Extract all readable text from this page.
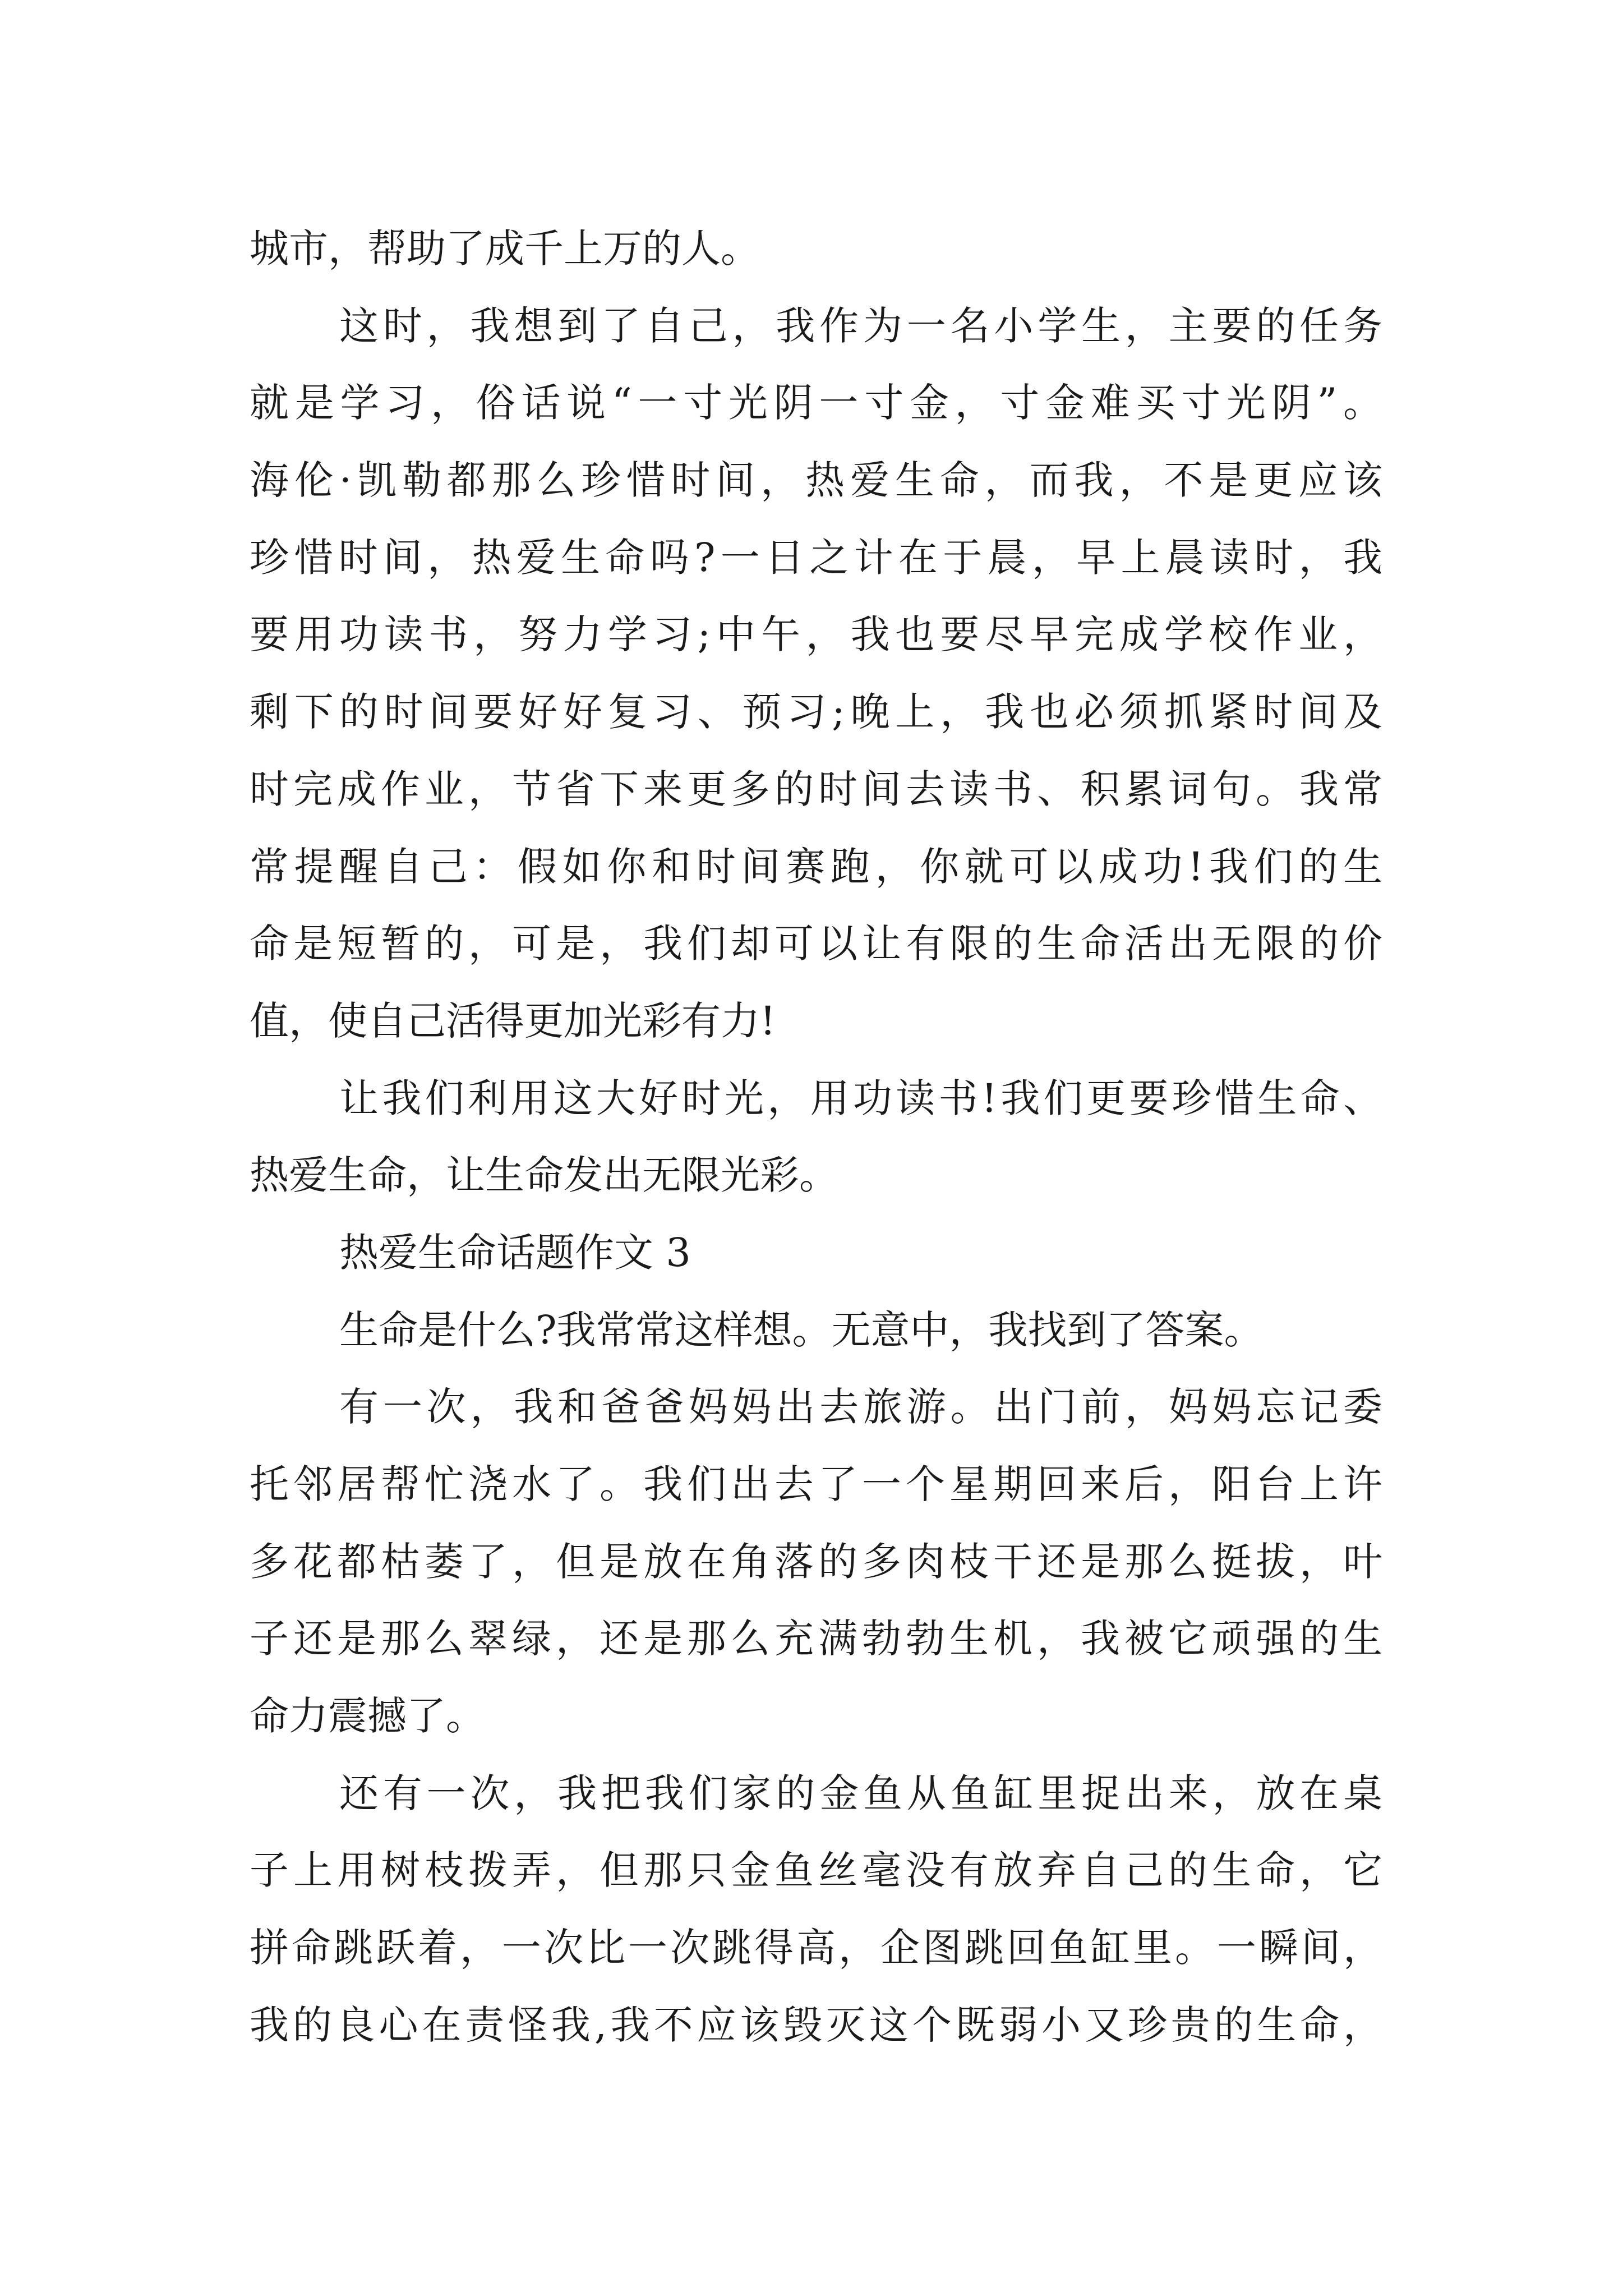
城市，帮助了成千上万的人。
这时，我想到了自己，我作为一名小学生，主要的任务
就是学习，俗话说“一寸光阴一寸金，寸金难买寸光阴”。
海伦·凯勒都那么珍惜时间，热爱生命，而我，不是更应该
珍惜时间，热爱生命吗?一日之计在于晨，早上晨读时，我
要用功读书，努力学习;中午，我也要尽早完成学校作业，
剩下的时间要好好复习、预习;晚上，我也必须抓紧时间及
时完成作业，节省下来更多的时间去读书、积累词句。我常
常提醒自己：假如你和时间赛跑，你就可以成功!我们的生
命是短暂的，可是，我们却可以让有限的生命活出无限的价
值，使自己活得更加光彩有力!
让我们利用这大好时光，用功读书!我们更要珍惜生命、
热爱生命，让生命发出无限光彩。
热爱生命话题作文 3
生命是什么?我常常这样想。无意中，我找到了答案。
有一次，我和爸爸妈妈出去旅游。出门前，妈妈忘记委
托邻居帮忙浇水了。我们出去了一个星期回来后，阳台上许
多花都枯萎了，但是放在角落的多肉枝干还是那么挺拔，叶
子还是那么翠绿，还是那么充满勃勃生机，我被它顽强的生
命力震撼了。
还有一次，我把我们家的金鱼从鱼缸里捉出来，放在桌
子上用树枝拨弄，但那只金鱼丝毫没有放弃自己的生命，它
拼命跳跃着，一次比一次跳得高，企图跳回鱼缸里。一瞬间，
我的良心在责怪我,我不应该毁灭这个既弱小又珍贵的生命，
